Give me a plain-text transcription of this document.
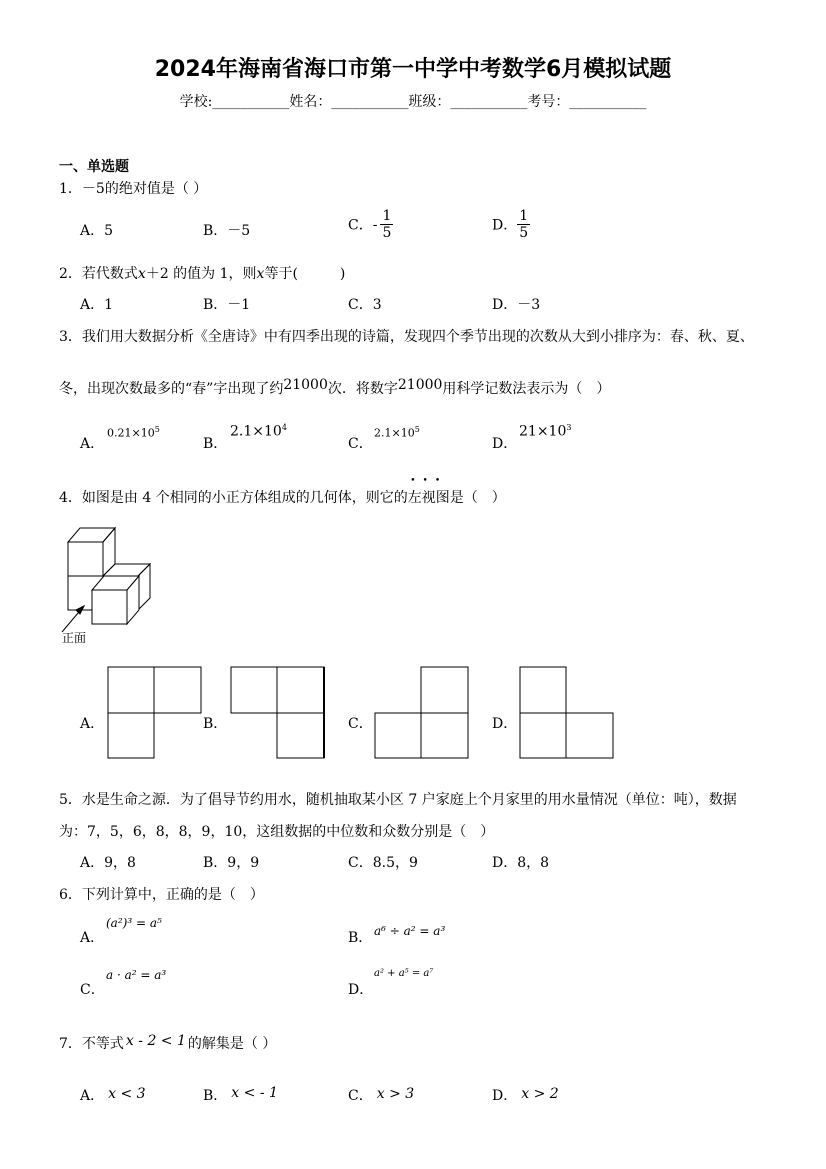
2024年海南省海口市第一中学中考数学6月模拟试题
学校:___________姓名：___________班级：___________考号：___________
一、单选题
1．－5的绝对值是（ ）
A．5	B．－5	C．- $\frac{1}{5}$	D． $\frac{1}{5}$
2．若代数式x＋2 的值为 1，则x等于(　　　)
A．1	B．－1	C．3	D．－3
3．我们用大数据分析《全唐诗》中有四季出现的诗篇，发现四个季节出现的次数从大到小排序为：春、秋、夏、
冬，出现次数最多的“春”字出现了约21000次．将数字21000用科学记数法表示为（　）
A．
$0.21\times 10^5$
B．
$2.1\times 10^4$
C．
$2.1\times 10^5$
D．
$21\times 10^3$
4．如图是由 4 个相同的小正方体组成的几何体，则它的
•••
左视图是（　）
正面
A．	B．	C．	D．
5．水是生命之源．为了倡导节约用水，随机抽取某小区 7 户家庭上个月家里的用水量情况（单位：吨），数据
为：7，5，6，8，8，9，10，这组数据的中位数和众数分别是（　）
A．9，8	B．9，9	C．8.5，9	D．8，8
6．下列计算中，正确的是（　）
A．
(a²)³ = a⁵
B． a⁶ ÷ a² = a³
C．
a · a² = a³
D．
a² + a⁵ = a⁷
7．不等式 x - 2 < 1 的解集是（ ）
A． x < 3	B． x < - 1	C． x > 3	D． x > 2
